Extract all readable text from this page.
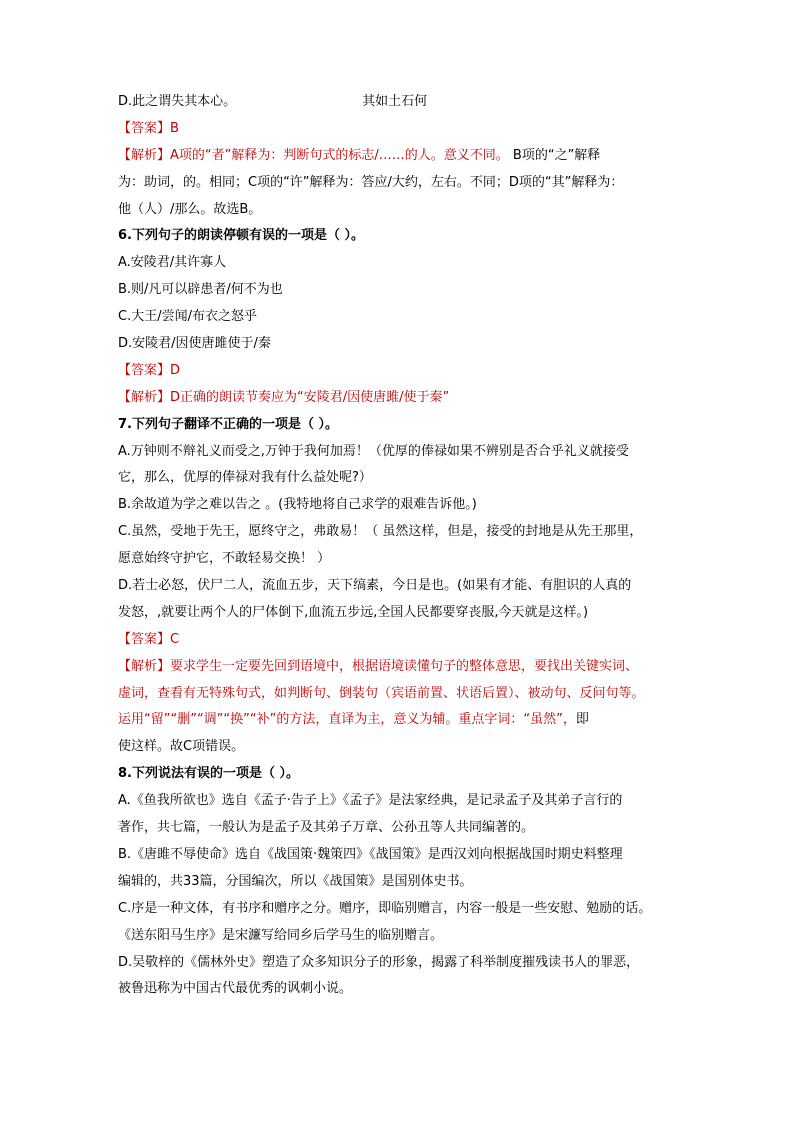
D.此之谓失其本心。	其如土石何
【答案】B
【解析】A项的“者”解释为：判断句式的标志/……的人。意义不同。 B项的“之”解释
为：助词，的。相同；C项的“许”解释为：答应/大约，左右。不同；D项的“其”解释为：
他（人）/那么。故选B。
6.下列句子的朗读停顿有误的一项是（ ）。
A.安陵君/其许寡人
B.则/凡可以辟患者/何不为也
C.大王/尝闻/布衣之怒乎
D.安陵君/因使唐雎使于/秦
【答案】D
【解析】D正确的朗读节奏应为“安陵君/因使唐雎/使于秦”
7.下列句子翻译不正确的一项是（ ）。
A.万钟则不辩礼义而受之,万钟于我何加焉！（优厚的俸禄如果不辨别是否合乎礼义就接受
它，那么，优厚的俸禄对我有什么益处呢?）
B.余故道为学之难以告之 。(我特地将自己求学的艰难告诉他。)
C.虽然，受地于先王，愿终守之，弗敢易！（ 虽然这样，但是，接受的封地是从先王那里，
愿意始终守护它，不敢轻易交换！ ）
D.若士必怒，伏尸二人，流血五步，天下缟素，今日是也。(如果有才能、有胆识的人真的
发怒，,就要让两个人的尸体倒下,血流五步远,全国人民都要穿丧服,今天就是这样。)
【答案】C
【解析】要求学生一定要先回到语境中，根据语境读懂句子的整体意思，要找出关键实词、
虚词，查看有无特殊句式，如判断句、倒装句（宾语前置、状语后置）、被动句、反问句等。
运用“留”“删”“调”“换”“补”的方法，直译为主，意义为辅。重点字词：“虽然”，即
使这样。故C项错误。
8.下列说法有误的一项是（ ）。
A.《鱼我所欲也》选自《孟子·告子上》《孟子》是法家经典，是记录孟子及其弟子言行的
著作，共七篇，一般认为是孟子及其弟子万章、公孙丑等人共同编著的。
B.《唐雎不辱使命》选自《战国策·魏策四》《战国策》是西汉刘向根据战国时期史料整理
编辑的，共33篇，分国编次，所以《战国策》是国别体史书。
C.序是一种文体，有书序和赠序之分。赠序，即临别赠言，内容一般是一些安慰、勉励的话。
《送东阳马生序》是宋濂写给同乡后学马生的临别赠言。
D.吴敬梓的《儒林外史》塑造了众多知识分子的形象，揭露了科举制度摧残读书人的罪恶，
被鲁迅称为中国古代最优秀的讽刺小说。
